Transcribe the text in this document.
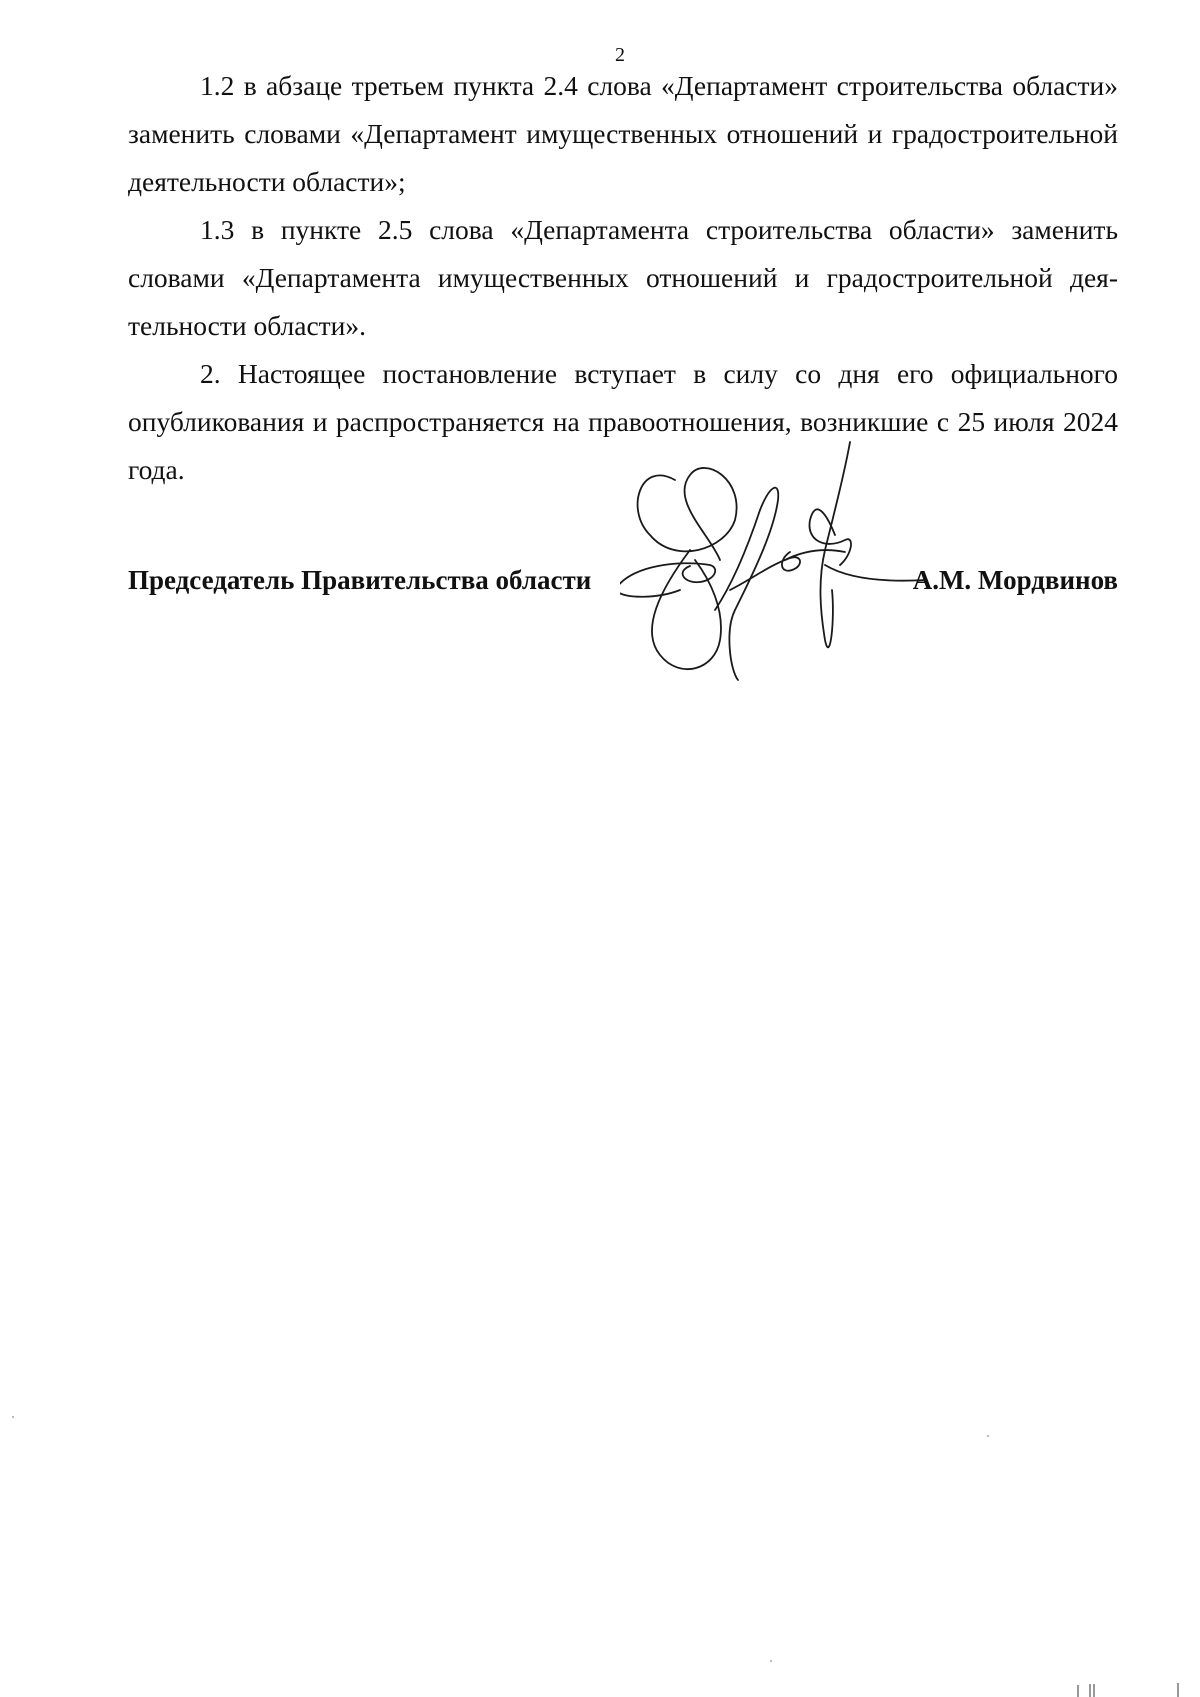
2

1.2 в абзаце третьем пункта 2.4 слова «Департамент строительства области» заменить словами «Департамент имущественных отношений и градостроительной деятельности области»;

1.3 в пункте 2.5 слова «Департамента строительства области» заменить словами «Департамента имущественных отношений и градостроительной деятельности области».

2. Настоящее постановление вступает в силу со дня его официального опубликования и распространяется на правоотношения, возникшие с 25 июля 2024 года.

Председатель Правительства области	А.М. Мордвинов
